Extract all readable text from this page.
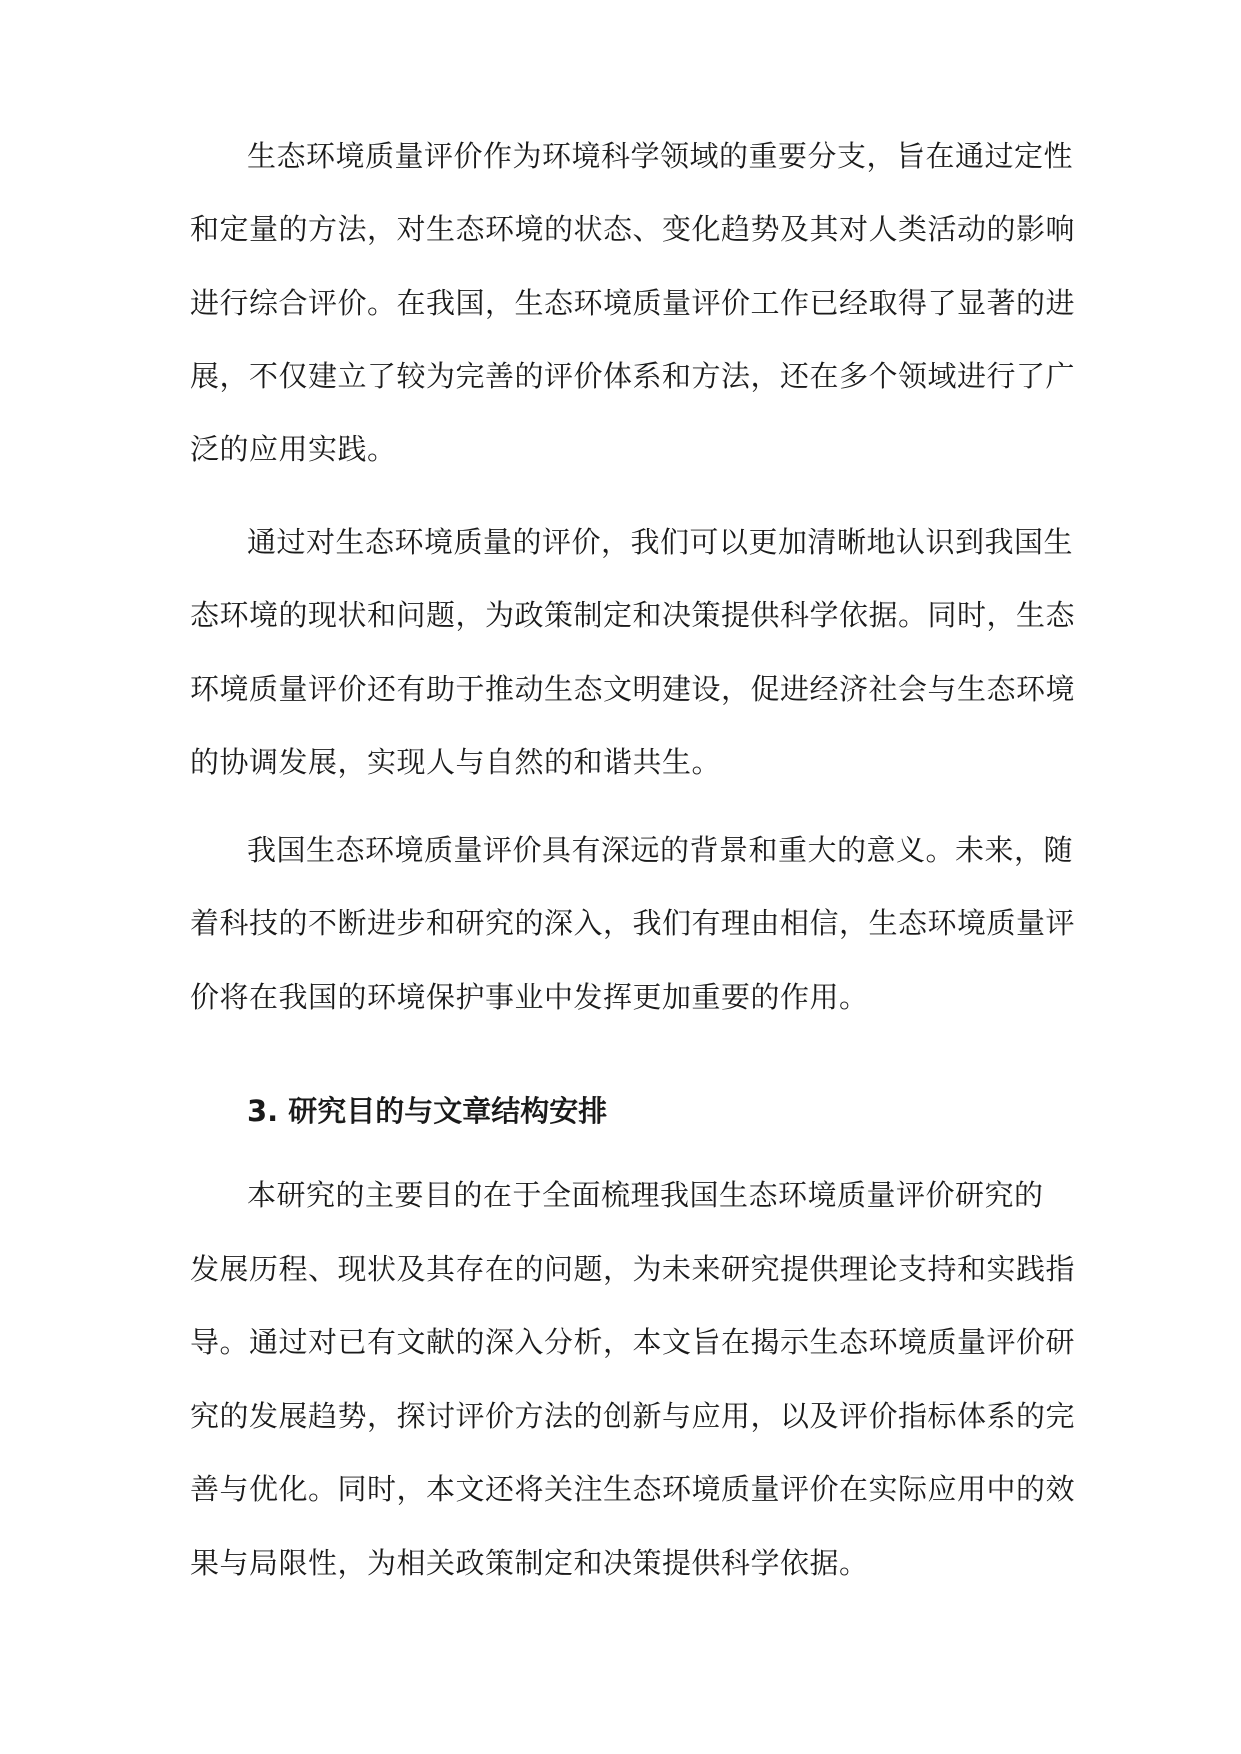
生态环境质量评价作为环境科学领域的重要分支，旨在通过定性
和定量的方法，对生态环境的状态、变化趋势及其对人类活动的影响
进行综合评价。在我国，生态环境质量评价工作已经取得了显著的进
展，不仅建立了较为完善的评价体系和方法，还在多个领域进行了广
泛的应用实践。
通过对生态环境质量的评价，我们可以更加清晰地认识到我国生
态环境的现状和问题，为政策制定和决策提供科学依据。同时，生态
环境质量评价还有助于推动生态文明建设，促进经济社会与生态环境
的协调发展，实现人与自然的和谐共生。
我国生态环境质量评价具有深远的背景和重大的意义。未来，随
着科技的不断进步和研究的深入，我们有理由相信，生态环境质量评
价将在我国的环境保护事业中发挥更加重要的作用。
3. 研究目的与文章结构安排
本研究的主要目的在于全面梳理我国生态环境质量评价研究的
发展历程、现状及其存在的问题，为未来研究提供理论支持和实践指
导。通过对已有文献的深入分析，本文旨在揭示生态环境质量评价研
究的发展趋势，探讨评价方法的创新与应用，以及评价指标体系的完
善与优化。同时，本文还将关注生态环境质量评价在实际应用中的效
果与局限性，为相关政策制定和决策提供科学依据。
